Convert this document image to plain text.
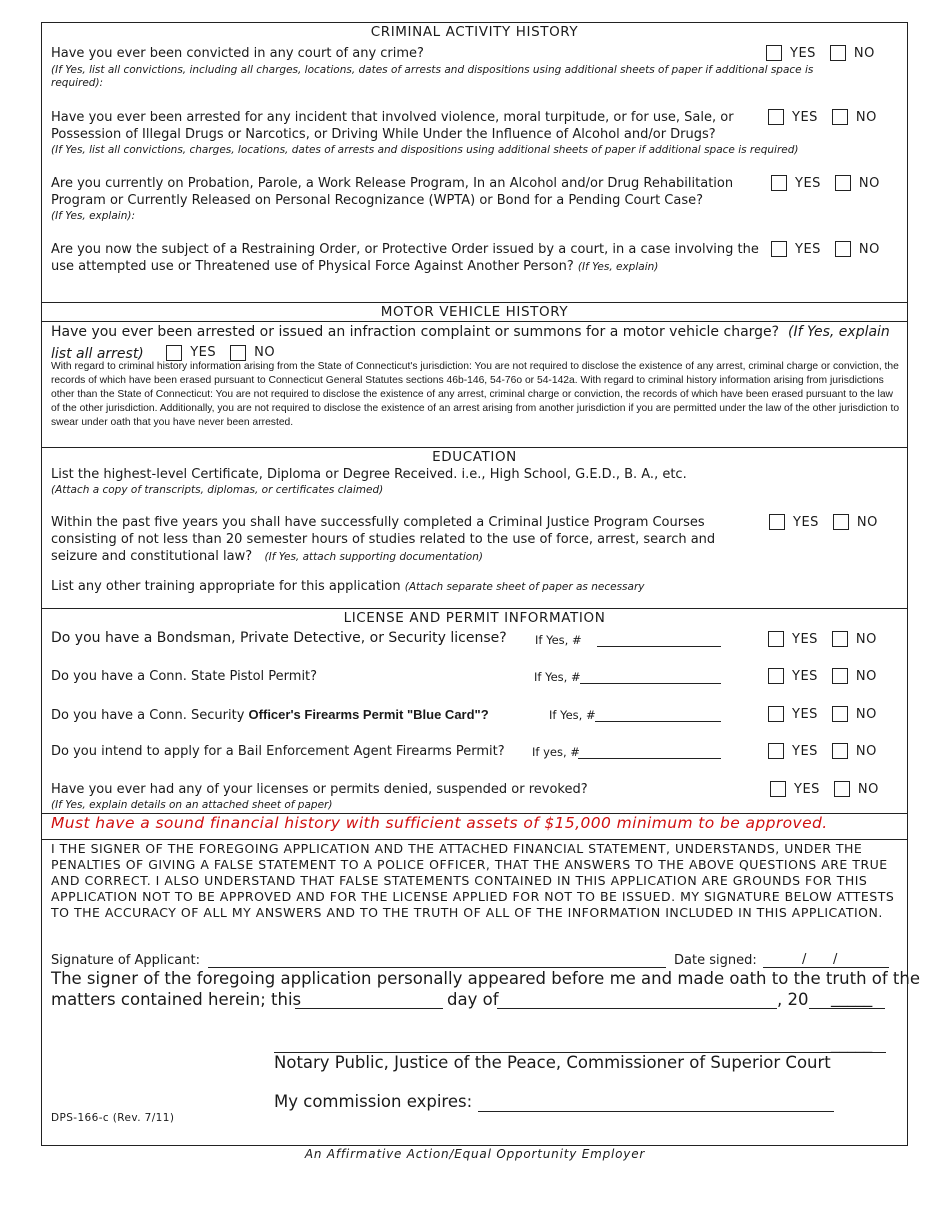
CRIMINAL ACTIVITY HISTORY
Have you ever been convicted in any court of any crime?
(If Yes, list all convictions, including all charges, locations, dates of arrests and dispositions using additional sheets of paper if additional space is required):
YES	NO
Have you ever been arrested for any incident that involved violence, moral turpitude, or for use, Sale, or Possession of Illegal Drugs or Narcotics, or Driving While Under the Influence of Alcohol and/or Drugs?
(If Yes, list all convictions, charges, locations, dates of arrests and dispositions using additional sheets of paper if additional space is required)
YES	NO
Are you currently on Probation, Parole, a Work Release Program, In an Alcohol and/or Drug Rehabilitation Program or Currently Released on Personal Recognizance (WPTA) or Bond for a Pending Court Case?
(If Yes, explain):
YES	NO
Are you now the subject of a Restraining Order, or Protective Order issued by a court, in a case involving the use attempted use or Threatened use of Physical Force Against Another Person? (If Yes, explain)
YES	NO
MOTOR VEHICLE HISTORY
Have you ever been arrested or issued an infraction complaint or summons for a motor vehicle charge? (If Yes, explain list all arrest)	YES	NO
With regard to criminal history information arising from the State of Connecticut's jurisdiction: You are not required to disclose the existence of any arrest, criminal charge or conviction, the records of which have been erased pursuant to Connecticut General Statutes sections 46b-146, 54-76o or 54-142a. With regard to criminal history information arising from jurisdictions other than the State of Connecticut: You are not required to disclose the existence of any arrest, criminal charge or conviction, the records of which have been erased pursuant to the law of the other jurisdiction. Additionally, you are not required to disclose the existence of an arrest arising from another jurisdiction if you are permitted under the law of the other jurisdiction to swear under oath that you have never been arrested.
EDUCATION
List the highest-level Certificate, Diploma or Degree Received. i.e., High School, G.E.D., B. A., etc.
(Attach a copy of transcripts, diplomas, or certificates claimed)
Within the past five years you shall have successfully completed a Criminal Justice Program Courses consisting of not less than 20 semester hours of studies related to the use of force, arrest, search and seizure and constitutional law? (If Yes, attach supporting documentation)
YES	NO
List any other training appropriate for this application (Attach separate sheet of paper as necessary
LICENSE AND PERMIT INFORMATION
Do you have a Bondsman, Private Detective, or Security license? If Yes, #	YES	NO
Do you have a Conn. State Pistol Permit?	If Yes, #	YES	NO
Do you have a Conn. Security Officer's Firearms Permit "Blue Card"?	If Yes, #	YES	NO
Do you intend to apply for a Bail Enforcement Agent Firearms Permit? If yes, #	YES	NO
Have you ever had any of your licenses or permits denied, suspended or revoked?
(If Yes, explain details on an attached sheet of paper)
YES	NO
Must have a sound financial history with sufficient assets of $15,000 minimum to be approved.
I THE SIGNER OF THE FOREGOING APPLICATION AND THE ATTACHED FINANCIAL STATEMENT, UNDERSTANDS, UNDER THE PENALTIES OF GIVING A FALSE STATEMENT TO A POLICE OFFICER, THAT THE ANSWERS TO THE ABOVE QUESTIONS ARE TRUE AND CORRECT. I ALSO UNDERSTAND THAT FALSE STATEMENTS CONTAINED IN THIS APPLICATION ARE GROUNDS FOR THIS APPLICATION NOT TO BE APPROVED AND FOR THE LICENSE APPLIED FOR NOT TO BE ISSUED. MY SIGNATURE BELOW ATTESTS TO THE ACCURACY OF ALL MY ANSWERS AND TO THE TRUTH OF ALL OF THE INFORMATION INCLUDED IN THIS APPLICATION.
Signature of Applicant:	Date signed:	/ /
The signer of the foregoing application personally appeared before me and made oath to the truth of the
matters contained herein; this	day of	, 20 _____
_____
Notary Public, Justice of the Peace, Commissioner of Superior Court
My commission expires:
DPS-166-c (Rev. 7/11)
An Affirmative Action/Equal Opportunity Employer
